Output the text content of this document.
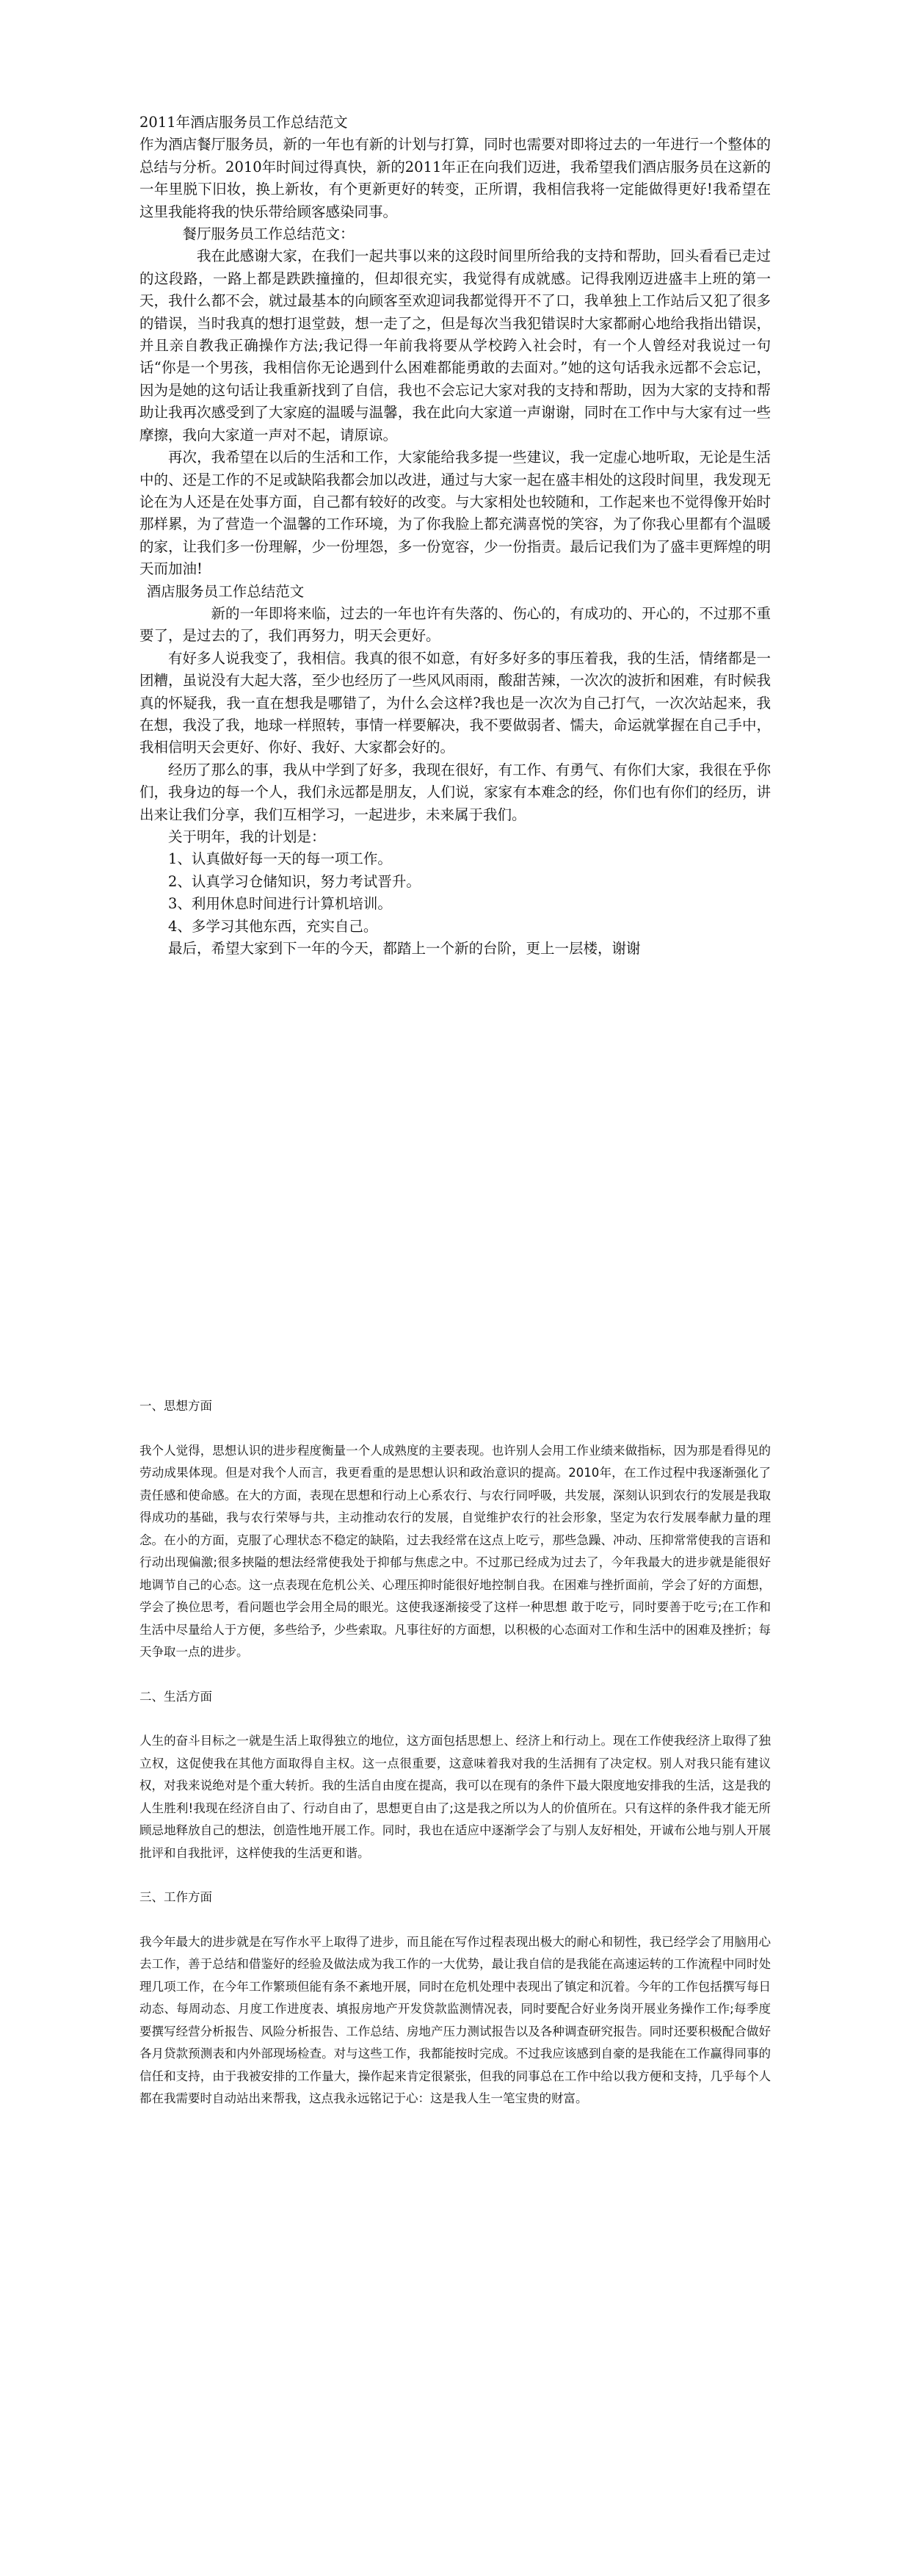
2011年酒店服务员工作总结范文

作为酒店餐厅服务员，新的一年也有新的计划与打算，同时也需要对即将过去的一年进行一个整体的总结与分析。2010年时间过得真快，新的2011年正在向我们迈进，我希望我们酒店服务员在这新的一年里脱下旧妆，换上新妆，有个更新更好的转变，正所谓，我相信我将一定能做得更好!我希望在这里我能将我的快乐带给顾客感染同事。

餐厅服务员工作总结范文：

我在此感谢大家，在我们一起共事以来的这段时间里所给我的支持和帮助，回头看看已走过的这段路，一路上都是跌跌撞撞的，但却很充实，我觉得有成就感。记得我刚迈进盛丰上班的第一天，我什么都不会，就过最基本的向顾客至欢迎词我都觉得开不了口，我单独上工作站后又犯了很多的错误，当时我真的想打退堂鼓，想一走了之，但是每次当我犯错误时大家都耐心地给我指出错误，并且亲自教我正确操作方法;我记得一年前我将要从学校跨入社会时，有一个人曾经对我说过一句话“你是一个男孩，我相信你无论遇到什么困难都能勇敢的去面对。”她的这句话我永远都不会忘记，因为是她的这句话让我重新找到了自信，我也不会忘记大家对我的支持和帮助，因为大家的支持和帮助让我再次感受到了大家庭的温暖与温馨，我在此向大家道一声谢谢，同时在工作中与大家有过一些摩擦，我向大家道一声对不起，请原谅。

再次，我希望在以后的生活和工作，大家能给我多提一些建议，我一定虚心地听取，无论是生活中的、还是工作的不足或缺陷我都会加以改进，通过与大家一起在盛丰相处的这段时间里，我发现无论在为人还是在处事方面，自己都有较好的改变。与大家相处也较随和，工作起来也不觉得像开始时那样累，为了营造一个温馨的工作环境，为了你我脸上都充满喜悦的笑容，为了你我心里都有个温暖的家，让我们多一份理解，少一份埋怨，多一份宽容，少一份指责。最后记我们为了盛丰更辉煌的明天而加油!

酒店服务员工作总结范文

新的一年即将来临，过去的一年也许有失落的、伤心的，有成功的、开心的，不过那不重要了，是过去的了，我们再努力，明天会更好。

有好多人说我变了，我相信。我真的很不如意，有好多好多的事压着我，我的生活，情绪都是一团糟，虽说没有大起大落，至少也经历了一些风风雨雨，酸甜苦辣，一次次的波折和困难，有时候我真的怀疑我，我一直在想我是哪错了，为什么会这样?我也是一次次为自己打气，一次次站起来，我在想，我没了我，地球一样照转，事情一样要解决，我不要做弱者、懦夫，命运就掌握在自己手中，我相信明天会更好、你好、我好、大家都会好的。

经历了那么的事，我从中学到了好多，我现在很好，有工作、有勇气、有你们大家，我很在乎你们，我身边的每一个人，我们永远都是朋友，人们说，家家有本难念的经，你们也有你们的经历，讲出来让我们分享，我们互相学习，一起进步，未来属于我们。

关于明年，我的计划是：

1、认真做好每一天的每一项工作。

2、认真学习仓储知识，努力考试晋升。

3、利用休息时间进行计算机培训。

4、多学习其他东西，充实自己。

最后，希望大家到下一年的今天，都踏上一个新的台阶，更上一层楼，谢谢

一、思想方面

我个人觉得，思想认识的进步程度衡量一个人成熟度的主要表现。也许别人会用工作业绩来做指标，因为那是看得见的劳动成果体现。但是对我个人而言，我更看重的是思想认识和政治意识的提高。2010年，在工作过程中我逐渐强化了责任感和使命感。在大的方面，表现在思想和行动上心系农行、与农行同呼吸，共发展，深刻认识到农行的发展是我取得成功的基础，我与农行荣辱与共，主动推动农行的发展，自觉维护农行的社会形象，坚定为农行发展奉献力量的理念。在小的方面，克服了心理状态不稳定的缺陷，过去我经常在这点上吃亏，那些急躁、冲动、压抑常常使我的言语和行动出现偏激;很多挟隘的想法经常使我处于抑郁与焦虑之中。不过那已经成为过去了，今年我最大的进步就是能很好地调节自己的心态。这一点表现在危机公关、心理压抑时能很好地控制自我。在困难与挫折面前，学会了好的方面想，学会了换位思考，看问题也学会用全局的眼光。这使我逐渐接受了这样一种思想 敢于吃亏，同时要善于吃亏;在工作和生活中尽量给人于方便，多些给予，少些索取。凡事往好的方面想，以积极的心态面对工作和生活中的困难及挫折；每天争取一点的进步。

二、生活方面

人生的奋斗目标之一就是生活上取得独立的地位，这方面包括思想上、经济上和行动上。现在工作使我经济上取得了独立权，这促使我在其他方面取得自主权。这一点很重要，这意味着我对我的生活拥有了决定权。别人对我只能有建议权，对我来说绝对是个重大转折。我的生活自由度在提高，我可以在现有的条件下最大限度地安排我的生活，这是我的人生胜利!我现在经济自由了、行动自由了，思想更自由了;这是我之所以为人的价值所在。只有这样的条件我才能无所顾忌地释放自己的想法，创造性地开展工作。同时，我也在适应中逐渐学会了与别人友好相处，开诚布公地与别人开展批评和自我批评，这样使我的生活更和谐。

三、工作方面

我今年最大的进步就是在写作水平上取得了进步，而且能在写作过程表现出极大的耐心和韧性，我已经学会了用脑用心去工作，善于总结和借鉴好的经验及做法成为我工作的一大优势，最让我自信的是我能在高速运转的工作流程中同时处理几项工作，在今年工作繁琐但能有条不紊地开展，同时在危机处理中表现出了镇定和沉着。今年的工作包括撰写每日动态、每周动态、月度工作进度表、填报房地产开发贷款监测情况表，同时要配合好业务岗开展业务操作工作;每季度要撰写经营分析报告、风险分析报告、工作总结、房地产压力测试报告以及各种调查研究报告。同时还要积极配合做好各月贷款预测表和内外部现场检查。对与这些工作，我都能按时完成。不过我应该感到自豪的是我能在工作赢得同事的信任和支持，由于我被安排的工作量大，操作起来肯定很紧张，但我的同事总在工作中给以我方便和支持，几乎每个人都在我需要时自动站出来帮我，这点我永远铭记于心：这是我人生一笔宝贵的财富。
